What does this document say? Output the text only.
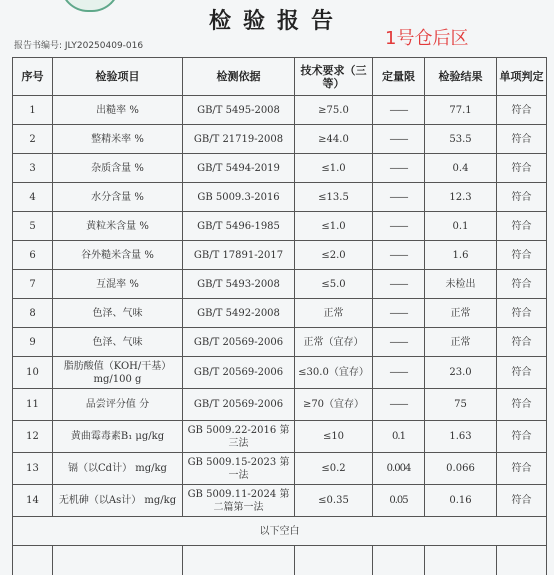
检验报告
1号仓后区
报告书编号: JLY20250409-016
序号	检验项目	检测依据	技术要求（三等）	定量限	检验结果	单项判定
1	出糙率 %	GB/T 5495-2008	≥75.0	——	77.1	符合
2	整精米率 %	GB/T 21719-2008	≥44.0	——	53.5	符合
3	杂质含量 %	GB/T 5494-2019	≤1.0	——	0.4	符合
4	水分含量 %	GB 5009.3-2016	≤13.5	——	12.3	符合
5	黄粒米含量 %	GB/T 5496-1985	≤1.0	——	0.1	符合
6	谷外糙米含量 %	GB/T 17891-2017	≤2.0	——	1.6	符合
7	互混率 %	GB/T 5493-2008	≤5.0	——	未检出	符合
8	色泽、气味	GB/T 5492-2008	正常	——	正常	符合
9	色泽、气味	GB/T 20569-2006	正常（宜存）	——	正常	符合
10	脂肪酸值（KOH/干基）mg/100 g	GB/T 20569-2006	≤30.0（宜存）	——	23.0	符合
11	品尝评分值 分	GB/T 20569-2006	≥70（宜存）	——	75	符合
12	黄曲霉毒素B₁ μg/kg	GB 5009.22-2016 第三法	≤10	0.1	1.63	符合
13	镉（以Cd计） mg/kg	GB 5009.15-2023 第一法	≤0.2	0.004	0.066	符合
14	无机砷（以As计） mg/kg	GB 5009.11-2024 第二篇第一法	≤0.35	0.05	0.16	符合
以下空白						
